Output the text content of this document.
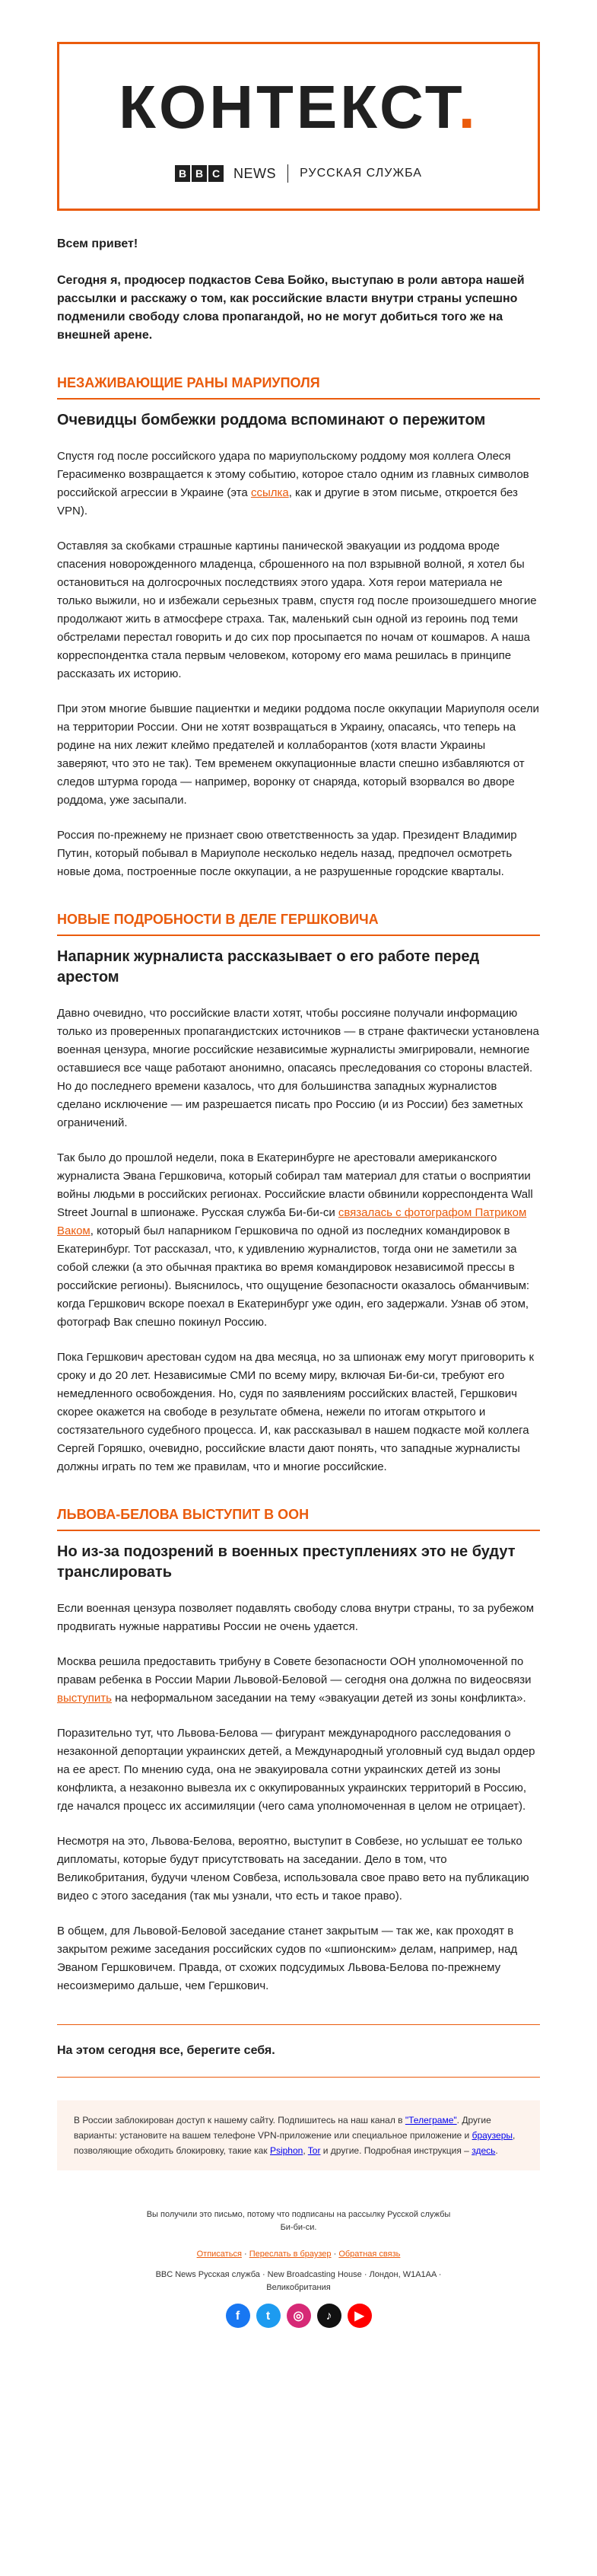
КОНТЕКСТ.
B B C NEWS РУССКАЯ СЛУЖБА

Всем привет!

Сегодня я, продюсер подкастов Сева Бойко, выступаю в роли автора нашей рассылки и расскажу о том, как российские власти внутри страны успешно подменили свободу слова пропагандой, но не могут добиться того же на внешней арене.

НЕЗАЖИВАЮЩИЕ РАНЫ МАРИУПОЛЯ
Очевидцы бомбежки роддома вспоминают о пережитом

Спустя год после российского удара по мариупольскому роддому моя коллега Олеся Герасименко возвращается к этому событию, которое стало одним из главных символов российской агрессии в Украине (эта ссылка, как и другие в этом письме, откроется без VPN).

Оставляя за скобками страшные картины панической эвакуации из роддома вроде спасения новорожденного младенца, сброшенного на пол взрывной волной, я хотел бы остановиться на долгосрочных последствиях этого удара. Хотя герои материала не только выжили, но и избежали серьезных травм, спустя год после произошедшего многие продолжают жить в атмосфере страха. Так, маленький сын одной из героинь под теми обстрелами перестал говорить и до сих пор просыпается по ночам от кошмаров. А наша корреспондентка стала первым человеком, которому его мама решилась в принципе рассказать их историю.

При этом многие бывшие пациентки и медики роддома после оккупации Мариуполя осели на территории России. Они не хотят возвращаться в Украину, опасаясь, что теперь на родине на них лежит клеймо предателей и коллаборантов (хотя власти Украины заверяют, что это не так). Тем временем оккупационные власти спешно избавляются от следов штурма города — например, воронку от снаряда, который взорвался во дворе роддома, уже засыпали.

Россия по-прежнему не признает свою ответственность за удар. Президент Владимир Путин, который побывал в Мариуполе несколько недель назад, предпочел осмотреть новые дома, построенные после оккупации, а не разрушенные городские кварталы.

НОВЫЕ ПОДРОБНОСТИ В ДЕЛЕ ГЕРШКОВИЧА
Напарник журналиста рассказывает о его работе перед арестом

Давно очевидно, что российские власти хотят, чтобы россияне получали информацию только из проверенных пропагандистских источников — в стране фактически установлена военная цензура, многие российские независимые журналисты эмигрировали, немногие оставшиеся все чаще работают анонимно, опасаясь преследования со стороны властей. Но до последнего времени казалось, что для большинства западных журналистов сделано исключение — им разрешается писать про Россию (и из России) без заметных ограничений.

Так было до прошлой недели, пока в Екатеринбурге не арестовали американского журналиста Эвана Гершковича, который собирал там материал для статьи о восприятии войны людьми в российских регионах. Российские власти обвинили корреспондента Wall Street Journal в шпионаже. Русская служба Би-би-си связалась с фотографом Патриком Ваком, который был напарником Гершковича по одной из последних командировок в Екатеринбург. Тот рассказал, что, к удивлению журналистов, тогда они не заметили за собой слежки (а это обычная практика во время командировок независимой прессы в российские регионы). Выяснилось, что ощущение безопасности оказалось обманчивым: когда Гершкович вскоре поехал в Екатеринбург уже один, его задержали. Узнав об этом, фотограф Вак спешно покинул Россию.

Пока Гершкович арестован судом на два месяца, но за шпионаж ему могут приговорить к сроку и до 20 лет. Независимые СМИ по всему миру, включая Би-би-си, требуют его немедленного освобождения. Но, судя по заявлениям российских властей, Гершкович скорее окажется на свободе в результате обмена, нежели по итогам открытого и состязательного судебного процесса. И, как рассказывал в нашем подкасте мой коллега Сергей Горяшко, очевидно, российские власти дают понять, что западные журналисты должны играть по тем же правилам, что и многие российские.

ЛЬВОВА-БЕЛОВА ВЫСТУПИТ В ООН
Но из-за подозрений в военных преступлениях это не будут транслировать

Если военная цензура позволяет подавлять свободу слова внутри страны, то за рубежом продвигать нужные нарративы России не очень удается.

Москва решила предоставить трибуну в Совете безопасности ООН уполномоченной по правам ребенка в России Марии Львовой-Беловой — сегодня она должна по видеосвязи выступить на неформальном заседании на тему «эвакуации детей из зоны конфликта».

Поразительно тут, что Львова-Белова — фигурант международного расследования о незаконной депортации украинских детей, а Международный уголовный суд выдал ордер на ее арест. По мнению суда, она не эвакуировала сотни украинских детей из зоны конфликта, а незаконно вывезла их с оккупированных украинских территорий в Россию, где начался процесс их ассимиляции (чего сама уполномоченная в целом не отрицает).

Несмотря на это, Львова-Белова, вероятно, выступит в Совбезе, но услышат ее только дипломаты, которые будут присутствовать на заседании. Дело в том, что Великобритания, будучи членом Совбеза, использовала свое право вето на публикацию видео с этого заседания (так мы узнали, что есть и такое право).

В общем, для Львовой-Беловой заседание станет закрытым — так же, как проходят в закрытом режиме заседания российских судов по «шпионским» делам, например, над Эваном Гершковичем. Правда, от схожих подсудимых Львова-Белова по-прежнему несоизмеримо дальше, чем Гершкович.

На этом сегодня все, берегите себя.

В России заблокирован доступ к нашему сайту. Подпишитесь на наш канал в "Телеграме". Другие варианты: установите на вашем телефоне VPN-приложение или специальное приложение и браузеры, позволяющие обходить блокировку, такие как Psiphon, Tor и другие. Подробная инструкция – здесь.

Вы получили это письмо, потому что подписаны на рассылку Русской службы Би-би-си.

Отписаться · Переслать в браузер · Обратная связь

BBC News Русская служба · New Broadcasting House · Лондон, W1A1AA · Великобритания

f	t	◎	♪	▶
